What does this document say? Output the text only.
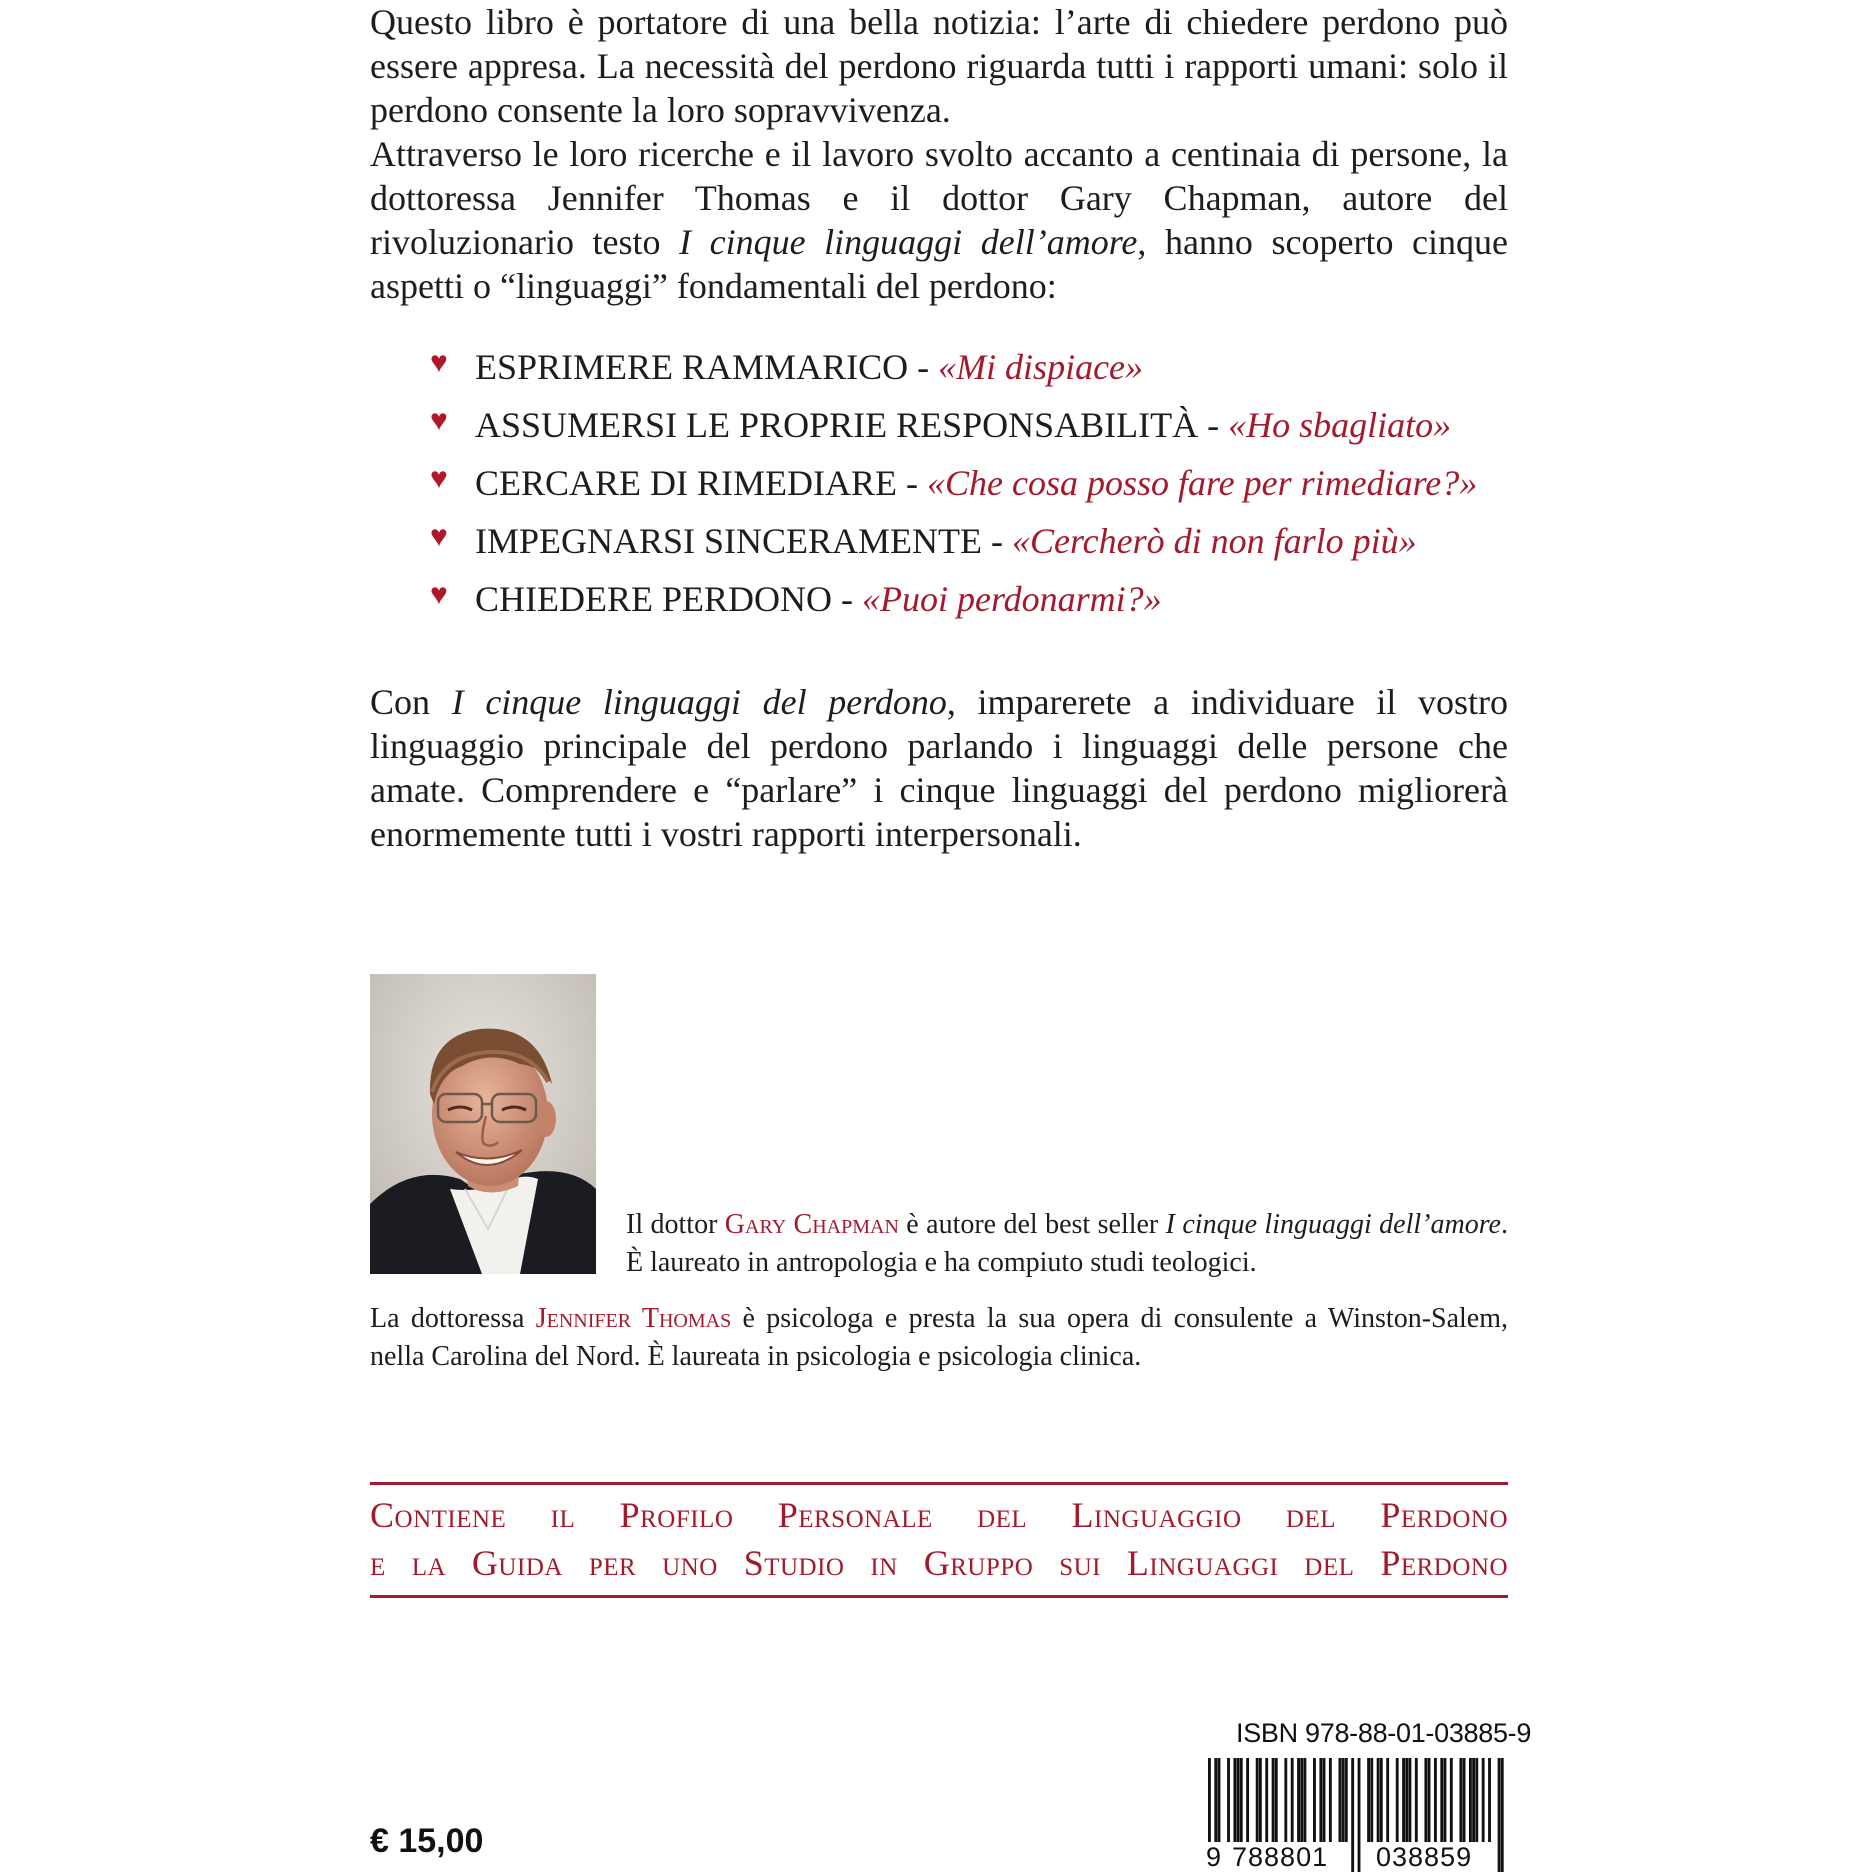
Questo libro è portatore di una bella notizia: l’arte di chiedere perdono può essere appresa. La necessità del perdono riguarda tutti i rapporti umani: solo il perdono consente la loro sopravvivenza.

Attraverso le loro ricerche e il lavoro svolto accanto a centinaia di persone, la dottoressa Jennifer Thomas e il dottor Gary Chapman, autore del rivoluzionario testo I cinque linguaggi dell’amore, hanno scoperto cinque aspetti o “linguaggi” fondamentali del perdono:

♥ ESPRIMERE RAMMARICO - «Mi dispiace»
♥ ASSUMERSI LE PROPRIE RESPONSABILITÀ - «Ho sbagliato»
♥ CERCARE DI RIMEDIARE - «Che cosa posso fare per rimediare?»
♥ IMPEGNARSI SINCERAMENTE - «Cercherò di non farlo più»
♥ CHIEDERE PERDONO - «Puoi perdonarmi?»

Con I cinque linguaggi del perdono, imparerete a individuare il vostro linguaggio principale del perdono parlando i linguaggi delle persone che amate. Comprendere e “parlare” i cinque linguaggi del perdono migliorerà enormemente tutti i vostri rapporti interpersonali.

Il dottor Gary Chapman è autore del best seller I cinque linguaggi dell’amore. È laureato in antropologia e ha compiuto studi teologici.

La dottoressa Jennifer Thomas è psicologa e presta la sua opera di consulente a Winston-Salem, nella Carolina del Nord. È laureata in psicologia e psicologia clinica.

Contiene il Profilo Personale del Linguaggio del Perdono
e la Guida per uno Studio in Gruppo sui Linguaggi del Perdono
ISBN 978-88-01-03885-9
9 788801 038859
€ 15,00
